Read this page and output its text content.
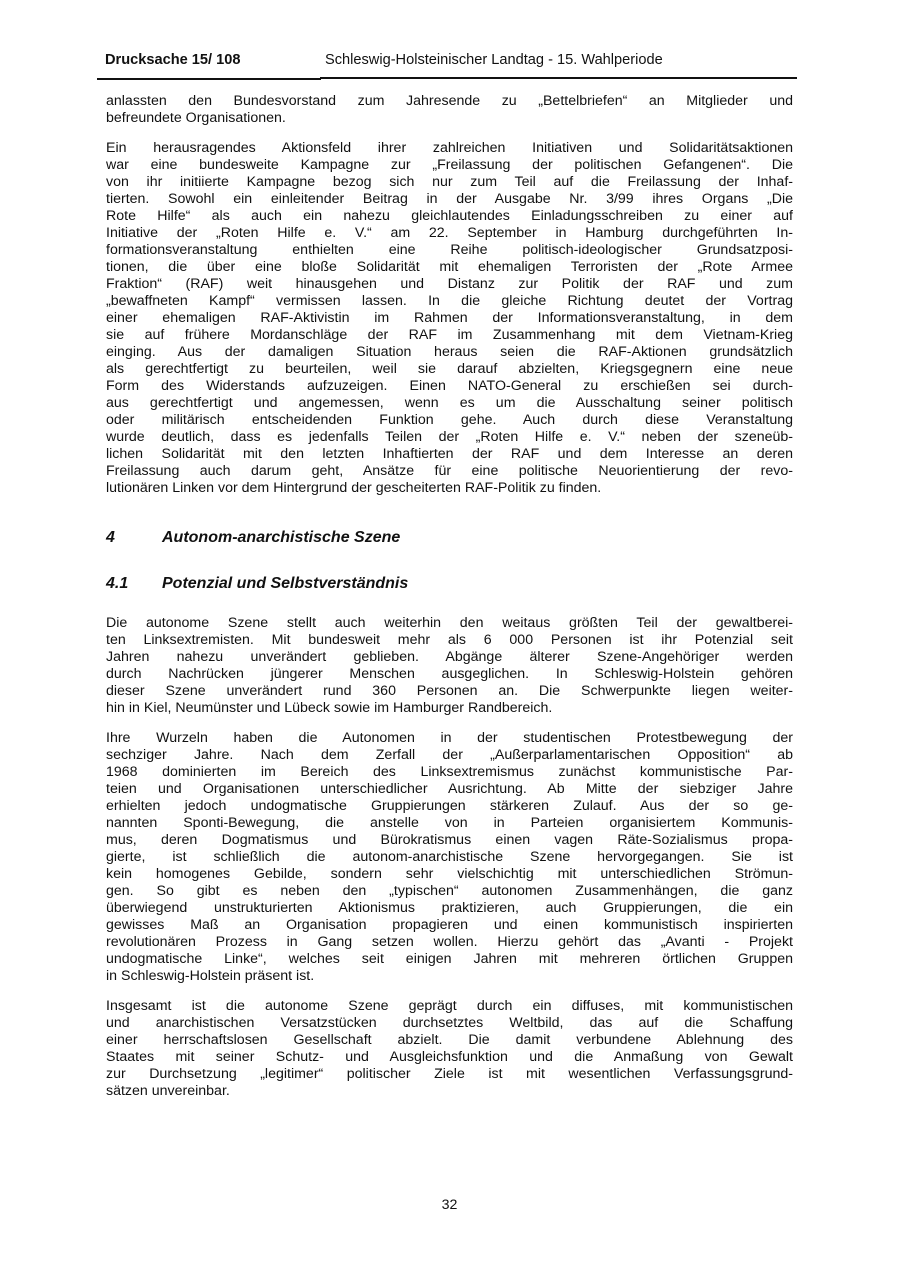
Drucksache 15/ 108	Schleswig-Holsteinischer Landtag - 15. Wahlperiode
anlassten den Bundesvorstand zum Jahresende zu „Bettelbriefen“ an Mitglieder und
befreundete Organisationen.
Ein herausragendes Aktionsfeld ihrer zahlreichen Initiativen und Solidaritätsaktionen
war eine bundesweite Kampagne zur „Freilassung der politischen Gefangenen“. Die
von ihr initiierte Kampagne bezog sich nur zum Teil auf die Freilassung der Inhaf-
tierten. Sowohl ein einleitender Beitrag in der Ausgabe Nr. 3/99 ihres Organs „Die
Rote Hilfe“ als auch ein nahezu gleichlautendes Einladungsschreiben zu einer auf
Initiative der „Roten Hilfe e. V.“ am 22. September in Hamburg durchgeführten In-
formationsveranstaltung enthielten eine Reihe politisch-ideologischer Grundsatzposi-
tionen, die über eine bloße Solidarität mit ehemaligen Terroristen der „Rote Armee
Fraktion“ (RAF) weit hinausgehen und Distanz zur Politik der RAF und zum
„bewaffneten Kampf“ vermissen lassen. In die gleiche Richtung deutet der Vortrag
einer ehemaligen RAF-Aktivistin im Rahmen der Informationsveranstaltung, in dem
sie auf frühere Mordanschläge der RAF im Zusammenhang mit dem Vietnam-Krieg
einging. Aus der damaligen Situation heraus seien die RAF-Aktionen grundsätzlich
als gerechtfertigt zu beurteilen, weil sie darauf abzielten, Kriegsgegnern eine neue
Form des Widerstands aufzuzeigen. Einen NATO-General zu erschießen sei durch-
aus gerechtfertigt und angemessen, wenn es um die Ausschaltung seiner politisch
oder militärisch entscheidenden Funktion gehe. Auch durch diese Veranstaltung
wurde deutlich, dass es jedenfalls Teilen der „Roten Hilfe e. V.“ neben der szeneüb-
lichen Solidarität mit den letzten Inhaftierten der RAF und dem Interesse an deren
Freilassung auch darum geht, Ansätze für eine politische Neuorientierung der revo-
lutionären Linken vor dem Hintergrund der gescheiterten RAF-Politik zu finden.
4	Autonom-anarchistische Szene
4.1 Potenzial und Selbstverständnis
Die autonome Szene stellt auch weiterhin den weitaus größten Teil der gewaltberei-
ten Linksextremisten. Mit bundesweit mehr als 6 000 Personen ist ihr Potenzial seit
Jahren nahezu unverändert geblieben. Abgänge älterer Szene-Angehöriger werden
durch Nachrücken jüngerer Menschen ausgeglichen. In Schleswig-Holstein gehören
dieser Szene unverändert rund 360 Personen an. Die Schwerpunkte liegen weiter-
hin in Kiel, Neumünster und Lübeck sowie im Hamburger Randbereich.
Ihre Wurzeln haben die Autonomen in der studentischen Protestbewegung der
sechziger Jahre. Nach dem Zerfall der „Außerparlamentarischen Opposition“ ab
1968 dominierten im Bereich des Linksextremismus zunächst kommunistische Par-
teien und Organisationen unterschiedlicher Ausrichtung. Ab Mitte der siebziger Jahre
erhielten jedoch undogmatische Gruppierungen stärkeren Zulauf. Aus der so ge-
nannten Sponti-Bewegung, die anstelle von in Parteien organisiertem Kommunis-
mus, deren Dogmatismus und Bürokratismus einen vagen Räte-Sozialismus propa-
gierte, ist schließlich die autonom-anarchistische Szene hervorgegangen. Sie ist
kein homogenes Gebilde, sondern sehr vielschichtig mit unterschiedlichen Strömun-
gen. So gibt es neben den „typischen“ autonomen Zusammenhängen, die ganz
überwiegend unstrukturierten Aktionismus praktizieren, auch Gruppierungen, die ein
gewisses Maß an Organisation propagieren und einen kommunistisch inspirierten
revolutionären Prozess in Gang setzen wollen. Hierzu gehört das „Avanti - Projekt
undogmatische Linke“, welches seit einigen Jahren mit mehreren örtlichen Gruppen
in Schleswig-Holstein präsent ist.
Insgesamt ist die autonome Szene geprägt durch ein diffuses, mit kommunistischen
und anarchistischen Versatzstücken durchsetztes Weltbild, das auf die Schaffung
einer herrschaftslosen Gesellschaft abzielt. Die damit verbundene Ablehnung des
Staates mit seiner Schutz- und Ausgleichsfunktion und die Anmaßung von Gewalt
zur Durchsetzung „legitimer“ politischer Ziele ist mit wesentlichen Verfassungsgrund-
sätzen unvereinbar.
32
